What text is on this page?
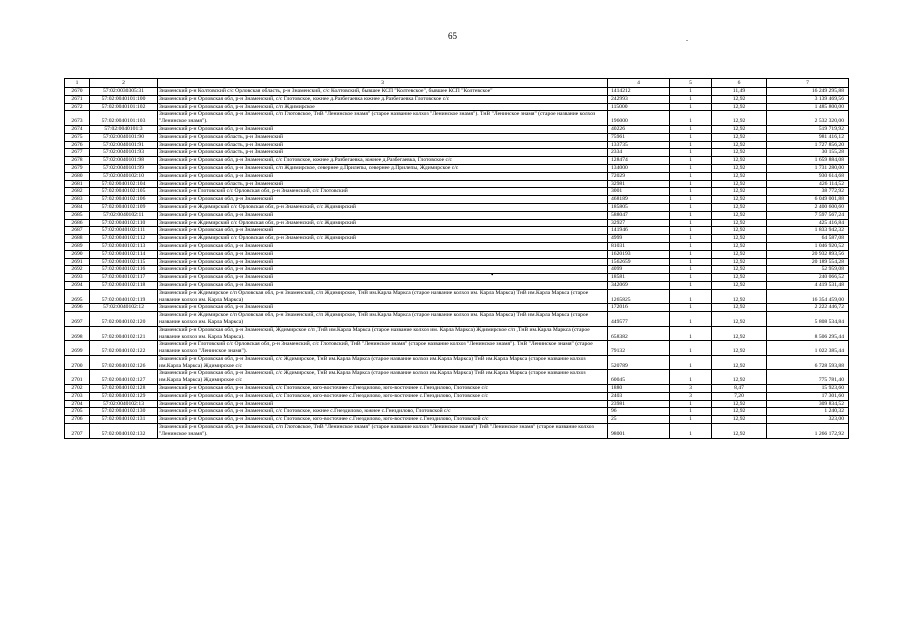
65	.
1	2	3	4	5	6	7
2670	57:02:0030305:31	Знаменский р-н Колтовский с/с Орловская область, р-н Знаменский, с/с Колтовский, бывшее КСП "Колтевское", бывшее КСП "Колтевское"	1414212	1	11,49	16 249 295,88
2671	57:02:0040101:100	Знаменский р-н Орловская обл, р-н Знаменский, с/с Глотовское, южнее д.Разбегаевка южнее д.Разбегаевка Глотовское с/с	242993	1	12,92	3 139 469,56
2672	57:02:0040101:102	Знаменский р-н Орловская обл, р-н Знаменский, с/п Ждимирское	115000	1	12,92	1 485 800,00
2673	57:02:0040101:103	Знаменский р-н Орловская обл, р-н Знаменский, с/п Глотовское, ТнВ "Ленинское знамя" (старое название колхоз "Ленинское знамя"). ТнВ "Ленинское знамя" (старое название колхоз "Ленинское знамя").	196000	1	12,92	2 532 320,00
2674	57:02:0040101:3	Знаменский р-н Орловская обл, р-н Знаменский	40226	1	12,92	519 719,92
2675	57:02:0040101:90	Знаменский р-н Орловская область, р-н Знаменский	75961	1	12,92	981 416,12
2676	57:02:0040101:91	Знаменский р-н Орловская область, р-н Знаменский	133735	1	12,92	1 727 856,20
2677	57:02:0040101:93	Знаменский р-н Орловская область, р-н Знаменский	2334	1	12,92	30 155,28
2678	57:02:0040101:98	Знаменский р-н Орловская обл, р-н Знаменский, с/с Глотовское, южнее д.Разбегаевка, южнее д.Разбегаевка, Глотовское с/с	128474	1	12,92	1 659 884,08
2679	57:02:0040101:99	Знаменский р-н Орловская обл, р-н Знаменский, с/п Ждимирское, севернее д.Прилепы, севернее д.Прилепы, Ждимирское с/с	134000	1	12,92	1 731 280,00
2680	57:02:0040102:10	Знаменский р-н Орловская обл, р-н Знаменский	72029	1	12,92	930 614,68
2681	57:02:0040102:104	Знаменский р-н Орловская область, р-н Знаменский	32981	1	12,92	426 114,52
2682	57:02:0040102:105	Знаменский р-н Глотовский с/с Орловская обл, р-н Знаменский, с/с Глотовский	3001	1	12,92	38 772,92
2683	57:02:0040102:106	Знаменский р-н Орловская обл, р-н Знаменский	468189	1	12,92	6 049 001,88
2684	57:02:0040102:109	Знаменский р-н Ждимирский с/с Орловская обл, р-н Знаменский, с/с Ждимирский	185805	1	12,92	2 400 600,60
2685	57:02:0040102:11	Знаменский р-н Орловская обл, р-н Знаменский	588047	1	12,92	7 597 567,24
2686	57:02:0040102:110	Знаменский р-н Ждимирский с/с Орловская обл, р-н Знаменский, с/с Ждимирский	32927	1	12,92	425 416,84
2687	57:02:0040102:111	Знаменский р-н Орловская обл, р-н Знаменский	141946	1	12,92	1 833 942,32
2688	57:02:0040102:112	Знаменский р-н Ждимирский с/с Орловская обл, р-н Знаменский, с/с Ждимирский	4999	1	12,92	64 587,08
2689	57:02:0040102:113	Знаменский р-н Орловская обл, р-н Знаменский	81031	1	12,92	1 046 920,52
2690	57:02:0040102:114	Знаменский р-н Орловская обл, р-н Знаменский	1620193	1	12,92	20 932 893,56
2691	57:02:0040102:115	Знаменский р-н Орловская обл, р-н Знаменский	1562659	1	12,92	20 189 554,28
2692	57:02:0040102:116	Знаменский р-н Орловская обл, р-н Знаменский	4099	1	12,92	52 959,08
2693	57:02:0040102:117	Знаменский р-н Орловская обл, р-н Знаменский	18581	1	12,92	240 066,52
2694	57:02:0040102:118	Знаменский р-н Орловская обл, р-н Знаменский	342069	1	12,92	4 419 531,48
2695	57:02:0040102:119	Знаменский р-н Ждимирское с/п Орловская обл, р-н Знаменский, с/п Ждимирское, ТнВ им.Карла Маркса (старое название колхоз им. Карла Маркса) ТнВ им.Карла Маркса (старое название колхоз им. Карла Маркса)	1265825	1	12,92	16 354 459,00
2696	57:02:0040102:12	Знаменский р-н Орловская обл, р-н Знаменский	172016	1	12,92	2 222 446,72
2697	57:02:0040102:120	Знаменский р-н Ждимирское с/п Орловская обл, р-н Знаменский, с/п Ждимирское, ТнВ им.Карла Маркса (старое название колхоз им. Карла Маркса) ТнВ им.Карла Маркса (старое название колхоз им. Карла Маркса)	449577	1	12,92	5 808 534,84
2698	57:02:0040102:121	Знаменский р-н Орловская обл, р-н Знаменский, Ждимирское с/п ,ТнВ им.Карла Маркса (старое название колхоз им. Карла Маркса) Ждимирское с/п ,ТнВ им.Карла Маркса (старое название колхоз им. Карла Маркса).	658382	1	12,92	8 506 295,44
2699	57:02:0040102:122	Знаменский р-н Глотовский с/с Орловская обл, р-н Знаменский, с/с Глотовский, ТнВ "Ленинское знамя" (старое название колхоз "Ленинское знамя"). ТнВ "Ленинское знамя" (старое название колхоз "Ленинское знамя").	79132	1	12,92	1 022 385,44
2700	57:02:0040102:126	Знаменский р-н Орловская обл, р-н Знаменский, с/с Ждимирское, ТнВ им.Карла Маркса (старое название колхоз им.Карла Маркса) ТнВ им.Карла Маркса (старое название колхоз им.Карла Маркса) Ждимирское с/с	520789	1	12,92	6 728 593,88
2701	57:02:0040102:127	Знаменский р-н Орловская обл, р-н Знаменский, с/с Ждимирское, ТнВ им.Карла Маркса (старое название колхоз им.Карла Маркса) ТнВ им.Карла Маркса (старое название колхоз им.Карла Маркса) Ждимирское с/с	60045	1	12,92	775 781,40
2702	57:02:0040102:128	Знаменский р-н Орловская обл, р-н Знаменский, с/с Глотовское, юго-восточнее с.Гнездилово, юго-восточнее с.Гнездилово, Глотовское с/с	1880	3	8,47	15 923,60
2703	57:02:0040102:129	Знаменский р-н Орловская обл, р-н Знаменский, с/с Глотовское, юго-восточнее с.Гнездилово, юго-восточнее с.Гнездилово, Глотовское с/с	2403	3	7,20	17 301,60
2704	57:02:0040102:13	Знаменский р-н Орловская обл, р-н Знаменский	23981	1	12,92	309 834,52
2705	57:02:0040102:130	Знаменский р-н Орловская обл, р-н Знаменский, с/с Глотовское, южнее с.Гнездилово, южнее с.Гнездилово, Глотовской с/с	96	1	12,92	1 240,32
2706	57:02:0040102:131	Знаменский р-н Орловская обл, р-н Знаменский, с/с Глотовское, юго-восточнее с.Гнездилово, юго-восточнее с.Гнездилово, Глотовской с/с	25	1	12,92	323,00
2707	57:02:0040102:132	Знаменский р-н Орловская обл, р-н Знаменский, с/п Глотовское, ТнВ "Ленинское знамя" (старое название колхоз "Ленинское знамя") ТнВ "Ленинское знамя" (старое название колхоз "Ленинское знамя").	98001	1	12,92	1 266 172,92
•
